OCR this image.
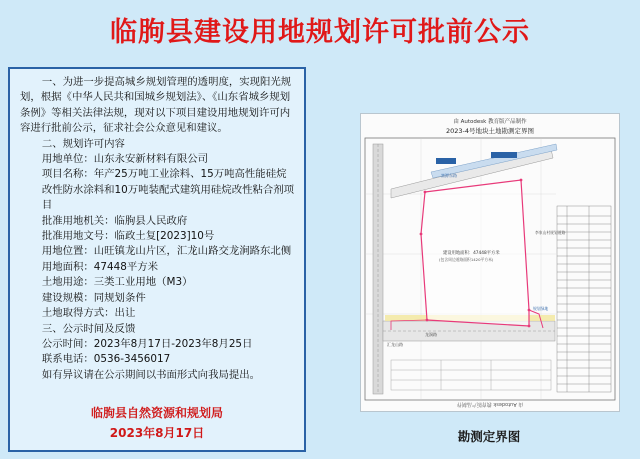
临朐县建设用地规划许可批前公示

一、为进一步提高城乡规划管理的透明度，实现阳光规划，根据《中华人民共和国城乡规划法》、《山东省城乡规划条例》等相关法律法规，现对以下项目建设用地规划许可内容进行批前公示，征求社会公众意见和建议。

二、规划许可内容

用地单位：山东永安新材料有限公司

项目名称：年产25万吨工业涂料、15万吨高性能硅烷改性防水涂料和10万吨装配式建筑用硅烷改性粘合剂项目

批准用地机关：临朐县人民政府

批准用地文号：临政土复[2023]10号

用地位置：山旺镇龙山片区，汇龙山路交龙涧路东北侧

用地面积：47448平方米

土地用途：三类工业用地（M3）

建设规模：同规划条件

土地取得方式：出让

三、公示时间及反馈

公示时间：2023年8月17日-2023年8月25日

联系电话：0536-3456017

如有异议请在公示期间以书面形式向我局提出。

临朐县自然资源和规划局
2023年8月17日
由 Autodesk 教育版产品制作
2023-4号地块土地勘测定界图
建设用地面积：47448平方米
(包含周边道路面积1420平方米)
富源东路
龙涧路
汇龙山路
李家山村规划道路
规划绿地
由 Autodesk 教育版产品制作
勘测定界图
